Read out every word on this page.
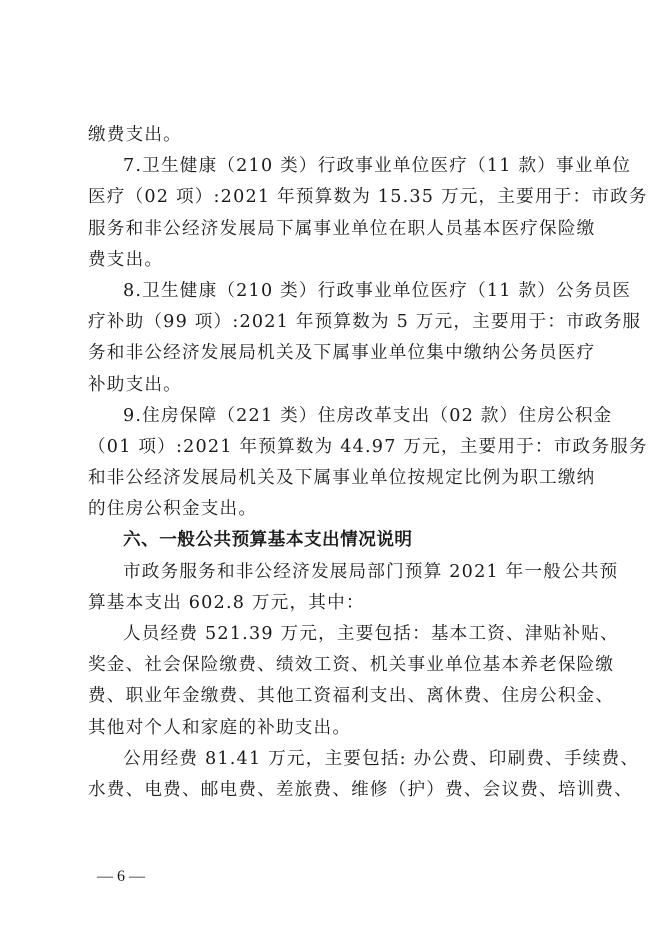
缴费支出。
7.卫生健康（210 类）行政事业单位医疗（11 款）事业单位
医疗（02 项）:2021 年预算数为 15.35 万元，主要用于：市政务
服务和非公经济发展局下属事业单位在职人员基本医疗保险缴
费支出。
8.卫生健康（210 类）行政事业单位医疗（11 款）公务员医
疗补助（99 项）:2021 年预算数为 5 万元，主要用于：市政务服
务和非公经济发展局机关及下属事业单位集中缴纳公务员医疗
补助支出。
9.住房保障（221 类）住房改革支出（02 款）住房公积金
（01 项）:2021 年预算数为 44.97 万元，主要用于：市政务服务
和非公经济发展局机关及下属事业单位按规定比例为职工缴纳
的住房公积金支出。
六、一般公共预算基本支出情况说明
市政务服务和非公经济发展局部门预算 2021 年一般公共预
算基本支出 602.8 万元，其中：
人员经费 521.39 万元，主要包括：基本工资、津贴补贴、
奖金、社会保险缴费、绩效工资、机关事业单位基本养老保险缴
费、职业年金缴费、其他工资福利支出、离休费、住房公积金、
其他对个人和家庭的补助支出。
公用经费 81.41 万元，主要包括: 办公费、印刷费、手续费、
水费、电费、邮电费、差旅费、维修（护）费、会议费、培训费、
— 6 —
